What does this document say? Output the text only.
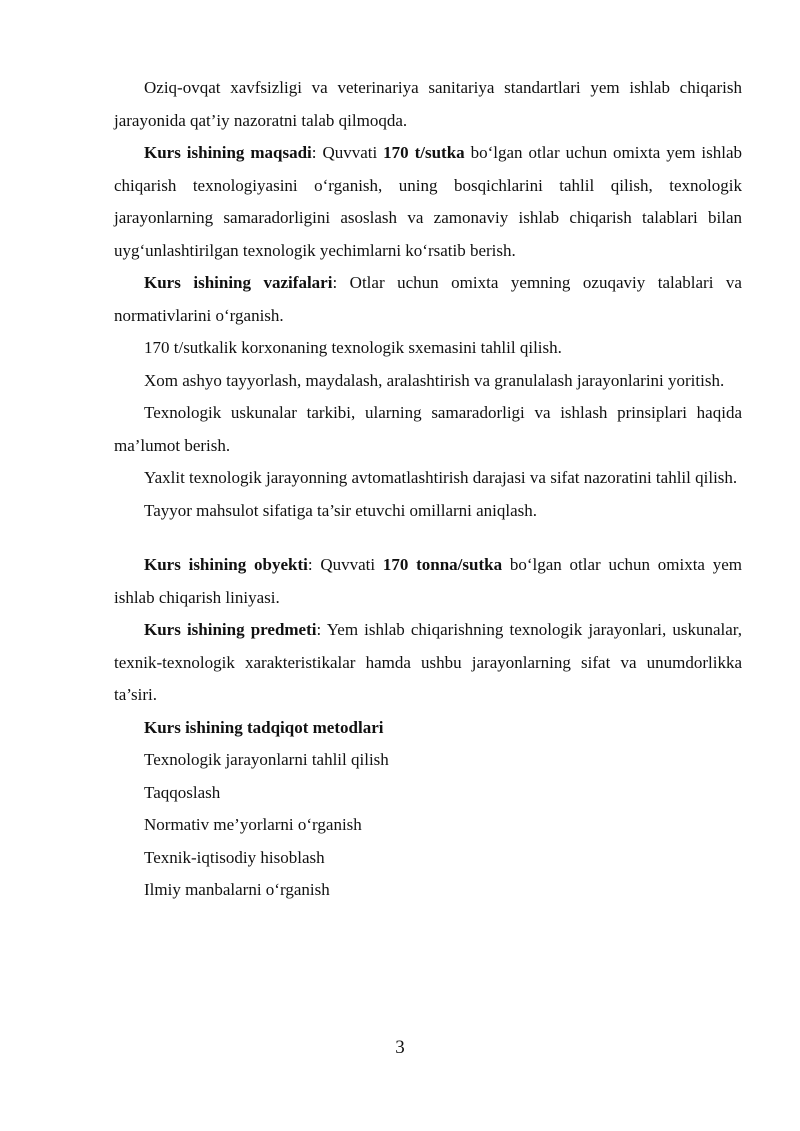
Oziq-ovqat xavfsizligi va veterinariya sanitariya standartlari yem ishlab chiqarish jarayonida qat’iy nazoratni talab qilmoqda.

Kurs ishining maqsadi: Quvvati 170 t/sutka bo‘lgan otlar uchun omixta yem ishlab chiqarish texnologiyasini o‘rganish, uning bosqichlarini tahlil qilish, texnologik jarayonlarning samaradorligini asoslash va zamonaviy ishlab chiqarish talablari bilan uyg‘unlashtirilgan texnologik yechimlarni ko‘rsatib berish.

Kurs ishining vazifalari: Otlar uchun omixta yemning ozuqaviy talablari va normativlarini o‘rganish.

170 t/sutkalik korxonaning texnologik sxemasini tahlil qilish.

Xom ashyo tayyorlash, maydalash, aralashtirish va granulalash jarayonlarini yoritish.

Texnologik uskunalar tarkibi, ularning samaradorligi va ishlash prinsiplari haqida ma’lumot berish.

Yaxlit texnologik jarayonning avtomatlashtirish darajasi va sifat nazoratini tahlil qilish.

Tayyor mahsulot sifatiga ta’sir etuvchi omillarni aniqlash.

Kurs ishining obyekti: Quvvati 170 tonna/sutka bo‘lgan otlar uchun omixta yem ishlab chiqarish liniyasi.

Kurs ishining predmeti: Yem ishlab chiqarishning texnologik jarayonlari, uskunalar, texnik-texnologik xarakteristikalar hamda ushbu jarayonlarning sifat va unumdorlikka ta’siri.

Kurs ishining tadqiqot metodlari

Texnologik jarayonlarni tahlil qilish

Taqqoslash

Normativ me’yorlarni o‘rganish

Texnik-iqtisodiy hisoblash

Ilmiy manbalarni o‘rganish

3
